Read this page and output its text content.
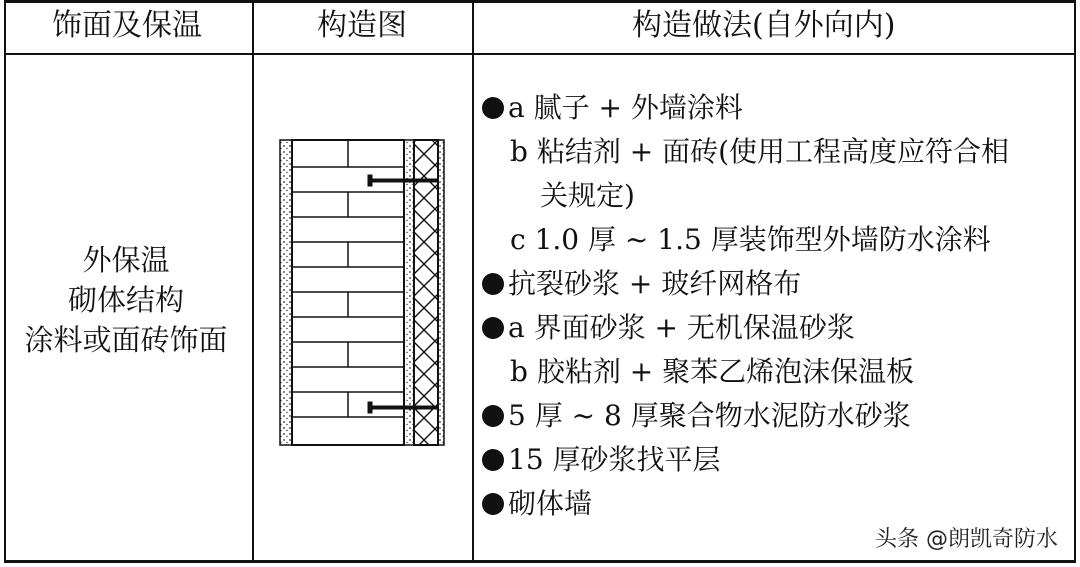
饰面及保温	构造图	构造做法(自外向内)
外保温
砌体结构
涂料或面砖饰面
a 腻子 + 外墙涂料
b 粘结剂 + 面砖(使用工程高度应符合相
关规定)
c 1.0 厚 ~ 1.5 厚装饰型外墙防水涂料
抗裂砂浆 + 玻纤网格布
a 界面砂浆 + 无机保温砂浆
b 胶粘剂 + 聚苯乙烯泡沫保温板
5 厚 ~ 8 厚聚合物水泥防水砂浆
15 厚砂浆找平层
砌体墙
头条 @朗凯奇防水
